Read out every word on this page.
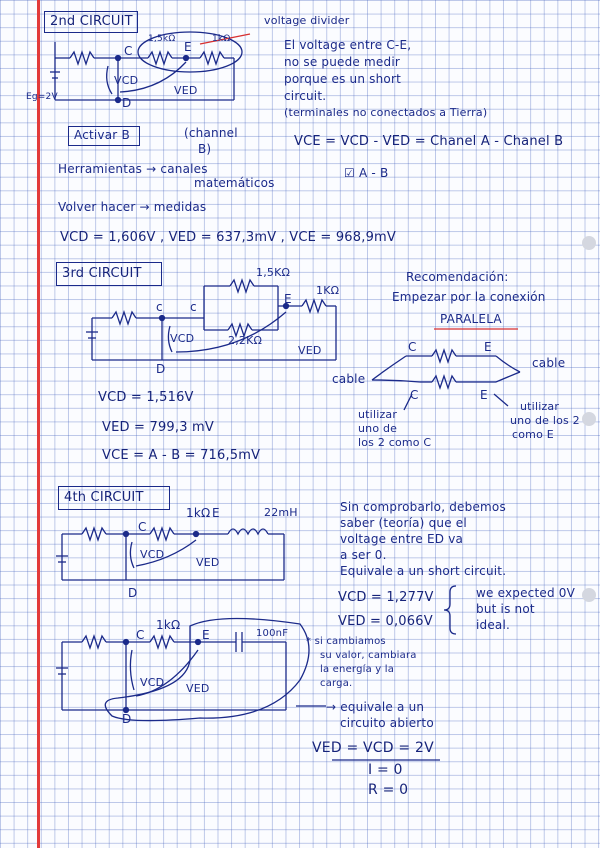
2nd CIRCUIT	voltage divider
1,5kΩ	1kΩ
C	E
VCD
VED
D
Eg=2V
El voltage entre C-E,
no se puede medir
porque es un short
circuit.
(terminales no conectados a Tierra)
Activar B	(channel
B)	VCE = VCD - VED = Chanel A - Chanel B
Herramientas → canales
matemáticos
☑ A - B
Volver hacer → medidas
VCD = 1,606V , VED = 637,3mV , VCE = 968,9mV
3rd CIRCUIT	1,5KΩ
1KΩ
c c
E
VCD	2,2KΩ
VED
D
Recomendación:
Empezar por la conexión
PARALELA
C	E
cable
cable
C	E
utilizar
uno de
los 2 como C
utilizar
uno de los 2
como E
VCD = 1,516V
VED = 799,3 mV
VCE = A - B = 716,5mV
4th CIRCUIT
1kΩ E	22mH
C
VCD
VED
D
Sin comprobarlo, debemos
saber (teoría) que el
voltage entre ED va
a ser 0.
Equivale a un short circuit.
VCD = 1,277V
VED = 0,066V
we expected 0V
but is not
ideal.
1kΩ
C	E	100nF
VCD VED
D
* si cambiamos
su valor, cambiara
la energía y la
carga.
→ equivale a un
circuito abierto
VED = VCD = 2V
I = 0
R = 0
